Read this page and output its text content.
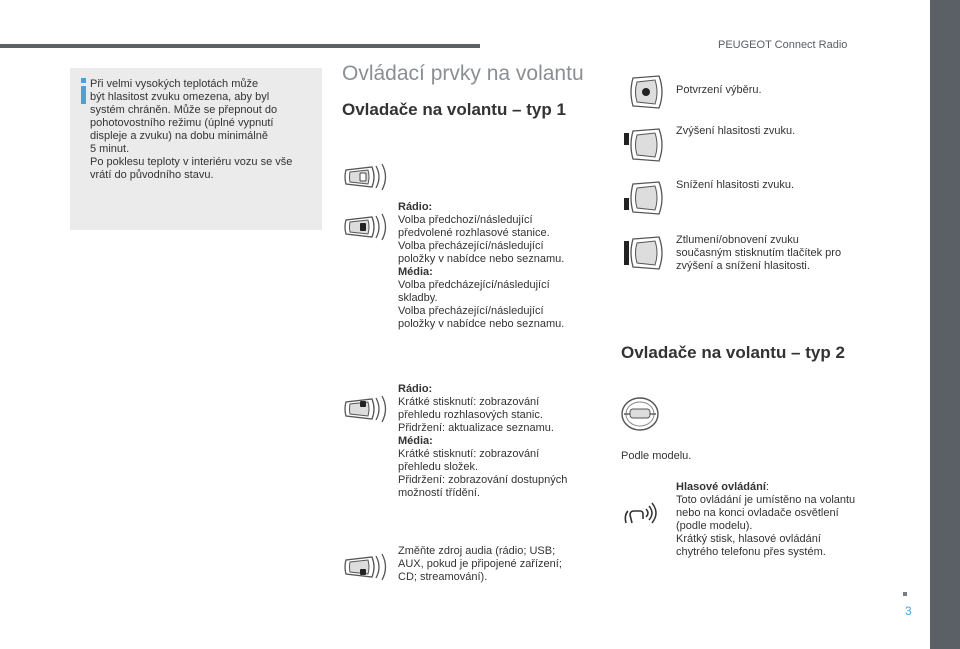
PEUGEOT Connect Radio
3
Při velmi vysokých teplotách může
být hlasitost zvuku omezena, aby byl
systém chráněn. Může se přepnout do
pohotovostního režimu (úplné vypnutí
displeje a zvuku) na dobu minimálně
5 minut.
Po poklesu teploty v interiéru vozu se vše
vrátí do původního stavu.
Ovládací prvky na volantu
Ovladače na volantu – typ 1
Ovladače na volantu – typ 2
Rádio:
Volba předchozí/následující
předvolené rozhlasové stanice.
Volba přecházející/následující
položky v nabídce nebo seznamu.
Média:
Volba předcházející/následující
skladby.
Volba přecházející/následující
položky v nabídce nebo seznamu.
Rádio:
Krátké stisknutí: zobrazování
přehledu rozhlasových stanic.
Přidržení: aktualizace seznamu.
Média:
Krátké stisknutí: zobrazování
přehledu složek.
Přidržení: zobrazování dostupných
možností třídění.
Změňte zdroj audia (rádio; USB;
AUX, pokud je připojené zařízení;
CD; streamování).
Potvrzení výběru.
Zvýšení hlasitosti zvuku.
Snížení hlasitosti zvuku.
Ztlumení/obnovení zvuku
současným stisknutím tlačítek pro
zvýšení a snížení hlasitosti.
Podle modelu.
Hlasové ovládání:
Toto ovládání je umístěno na volantu
nebo na konci ovladače osvětlení
(podle modelu).
Krátký stisk, hlasové ovládání
chytrého telefonu přes systém.
